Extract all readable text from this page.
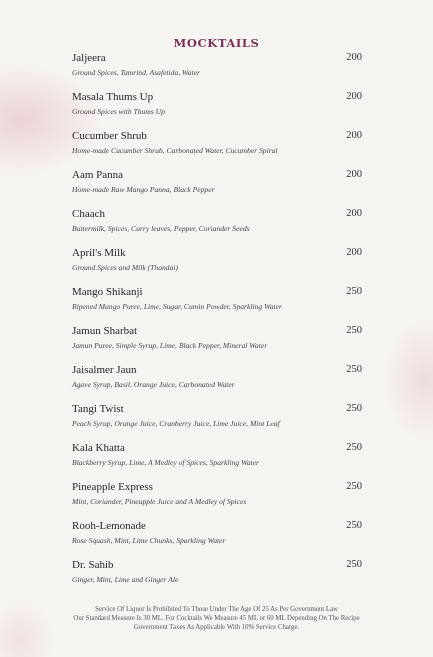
MOCKTAILS
Jaljeera	200
Ground Spices, Tamrind, Asafetida, Water
Masala Thums Up	200
Ground Spices with Thums Up
Cucumber Shrub	200
Home-made Cucumber Shrub, Carbonated Water, Cucumber Spiral
Aam Panna	200
Home-made Raw Mango Panna, Black Pepper
Chaach	200
Buttermilk, Spices, Curry leaves, Pepper, Coriander Seeds
April's Milk	200
Ground Spices and Milk (Thandai)
Mango Shikanji	250
Ripened Mango Puree, Lime, Sugar, Cumin Powder, Sparkling Water
Jamun Sharbat	250
Jamun Puree, Simple Syrup, Lime, Black Pepper, Mineral Water
Jaisalmer Jaun	250
Agave Syrup, Basil, Orange Juice, Carbonated Water
Tangi Twist	250
Peach Syrup, Orange Juice, Cranberry Juice, Lime Juice, Mint Leaf
Kala Khatta	250
Blackberry Syrup, Lime, A Medley of Spices, Sparkling Water
Pineapple Express	250
Mint, Coriander, Pineapple Juice and A Medley of Spices
Rooh-Lemonade	250
Rose Squash, Mint, Lime Chunks, Sparkling Water
Dr. Sahib	250
Ginger, Mint, Lime and Ginger Ale
Service Of Liquor Is Prohibited To Those Under The Age Of 25 As Per Government Law
Our Standard Measure Is 30 ML. For Cocktails We Measure 45 ML or 60 ML Depending On The Recipe
Government Taxes As Applicable With 10% Service Charge.
